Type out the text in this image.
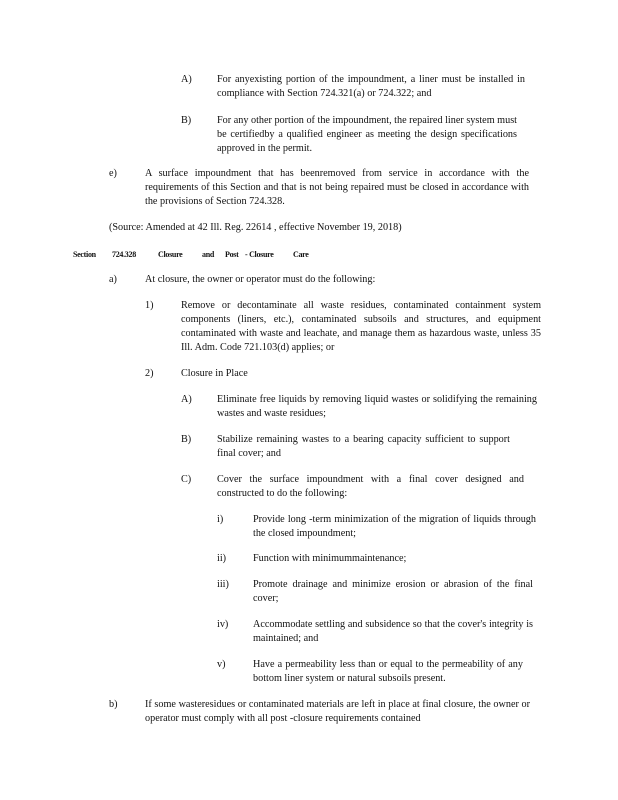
A) For anyexisting portion of the impoundment, a liner must be installed in compliance with Section 724.321(a) or 724.322; and
B)	For any other portion of the impoundment, the repaired liner system must be certifiedby a qualified engineer as meeting the design specifications approved in the permit.
e)	A surface impoundment that has beenremoved from service in accordance with the requirements of this Section and that is not being repaired must be closed in accordance with the provisions of Section 724.328.
(Source: Amended at 42 Ill. Reg. 22614 , effective November 19, 2018)
Section 724.328	Closure and Post - Closure Care
a)	At closure, the owner or operator must do the following:
1)	Remove or decontaminate all waste residues, contaminated containment system components (liners, etc.), contaminated subsoils and structures, and equipment contaminated with waste and leachate, and manage them as hazardous waste, unless 35 Ill. Adm. Code 721.103(d) applies; or
2)	Closure in Place
A) Eliminate free liquids by removing liquid wastes or solidifying the remaining wastes and waste residues;
B)	Stabilize remaining wastes to a bearing capacity sufficient to support final cover; and
C)	Cover the surface impoundment with a final cover designed and constructed to do the following:
i)	Provide long -term minimization of the migration of liquids through the closed impoundment;
ii)	Function with minimummaintenance;
iii) Promote drainage and minimize erosion or abrasion of the final cover;
iv) Accommodate settling and subsidence so that the cover's integrity is maintained; and
v)	Have a permeability less than or equal to the permeability of any bottom liner system or natural subsoils present.
b)	If some wasteresidues or contaminated materials are left in place at final closure, the owner or operator must comply with all post -closure requirements contained
